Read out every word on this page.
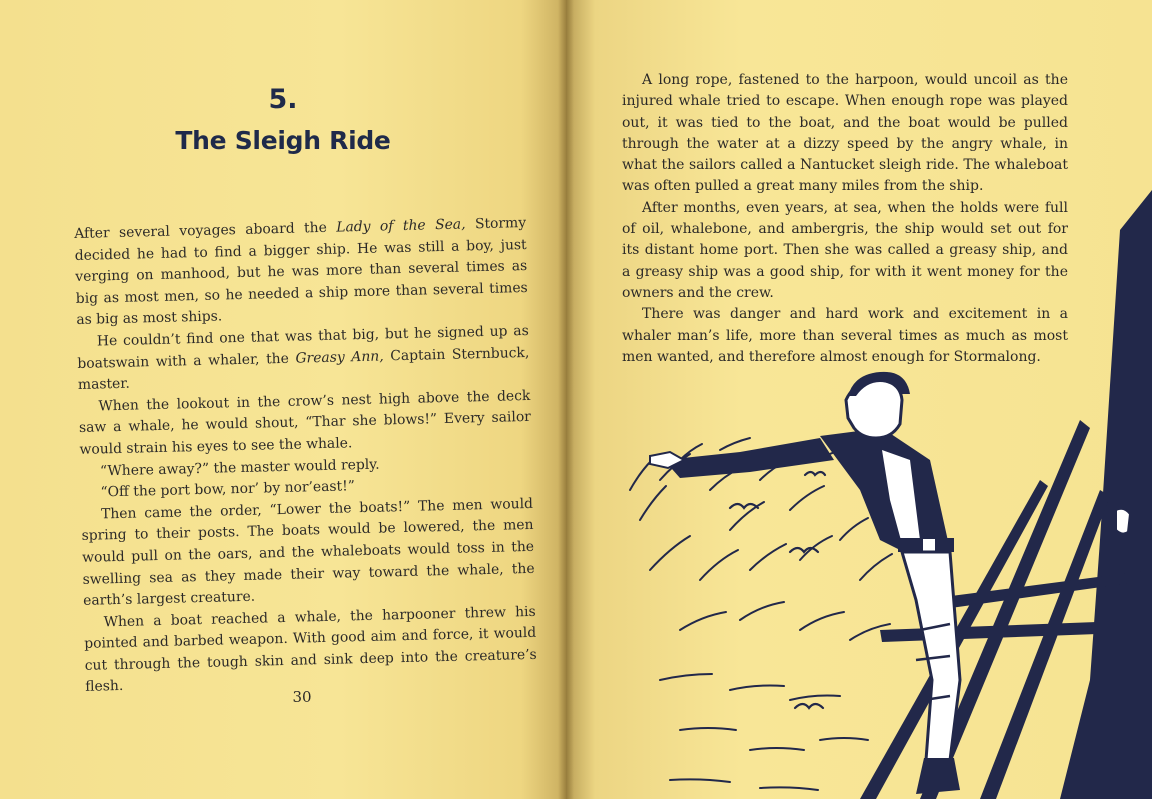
5.
The Sleigh Ride

After several voyages aboard the Lady of the Sea, Stormy decided he had to find a bigger ship. He was still a boy, just verging on manhood, but he was more than several times as big as most men, so he needed a ship more than several times as big as most ships.

He couldn’t find one that was that big, but he signed up as boatswain with a whaler, the Greasy Ann, Captain Sternbuck, master.

When the lookout in the crow’s nest high above the deck saw a whale, he would shout, “Thar she blows!” Every sailor would strain his eyes to see the whale.

“Where away?” the master would reply.

“Off the port bow, nor’ by nor’east!”

Then came the order, “Lower the boats!” The men would spring to their posts. The boats would be lowered, the men would pull on the oars, and the whaleboats would toss in the swelling sea as they made their way toward the whale, the earth’s largest creature.

When a boat reached a whale, the harpooner threw his pointed and barbed weapon. With good aim and force, it would cut through the tough skin and sink deep into the creature’s flesh.

30

A long rope, fastened to the harpoon, would uncoil as the injured whale tried to escape. When enough rope was played out, it was tied to the boat, and the boat would be pulled through the water at a dizzy speed by the angry whale, in what the sailors called a Nantucket sleigh ride. The whaleboat was often pulled a great many miles from the ship.

After months, even years, at sea, when the holds were full of oil, whalebone, and ambergris, the ship would set out for its distant home port. Then she was called a greasy ship, and a greasy ship was a good ship, for with it went money for the owners and the crew.

There was danger and hard work and excitement in a whaler man’s life, more than several times as much as most men wanted, and therefore almost enough for Stormalong.
